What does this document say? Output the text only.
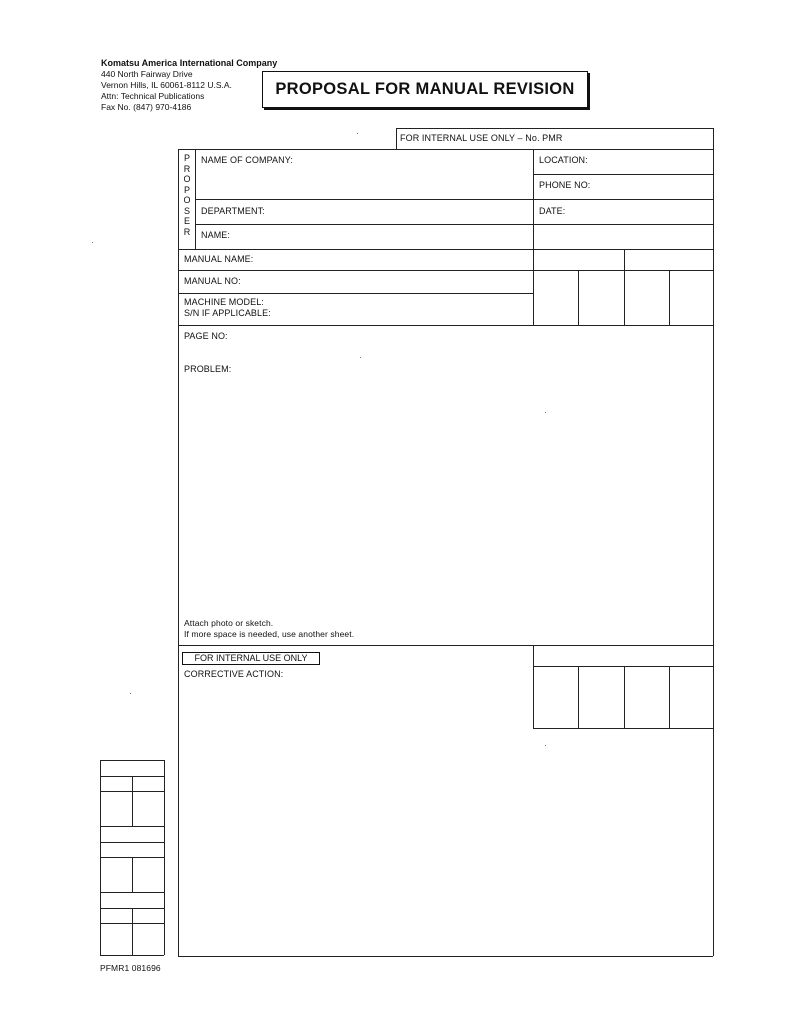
Komatsu America International Company
440 North Fairway Drive
Vernon Hills, IL 60061-8112 U.S.A.
Attn: Technical Publications
Fax No. (847) 970-4186
PROPOSAL FOR MANUAL REVISION
FOR INTERNAL USE ONLY – No. PMR
P
R
O
P
O
S
E
R
NAME OF COMPANY:	LOCATION:
PHONE NO:
DEPARTMENT:	DATE:
NAME:
MANUAL NAME:
MANUAL NO:
MACHINE MODEL:
S/N IF APPLICABLE:
PAGE NO:
PROBLEM:
Attach photo or sketch.
If more space is needed, use another sheet.
FOR INTERNAL USE ONLY
CORRECTIVE ACTION:
PFMR1 081696
